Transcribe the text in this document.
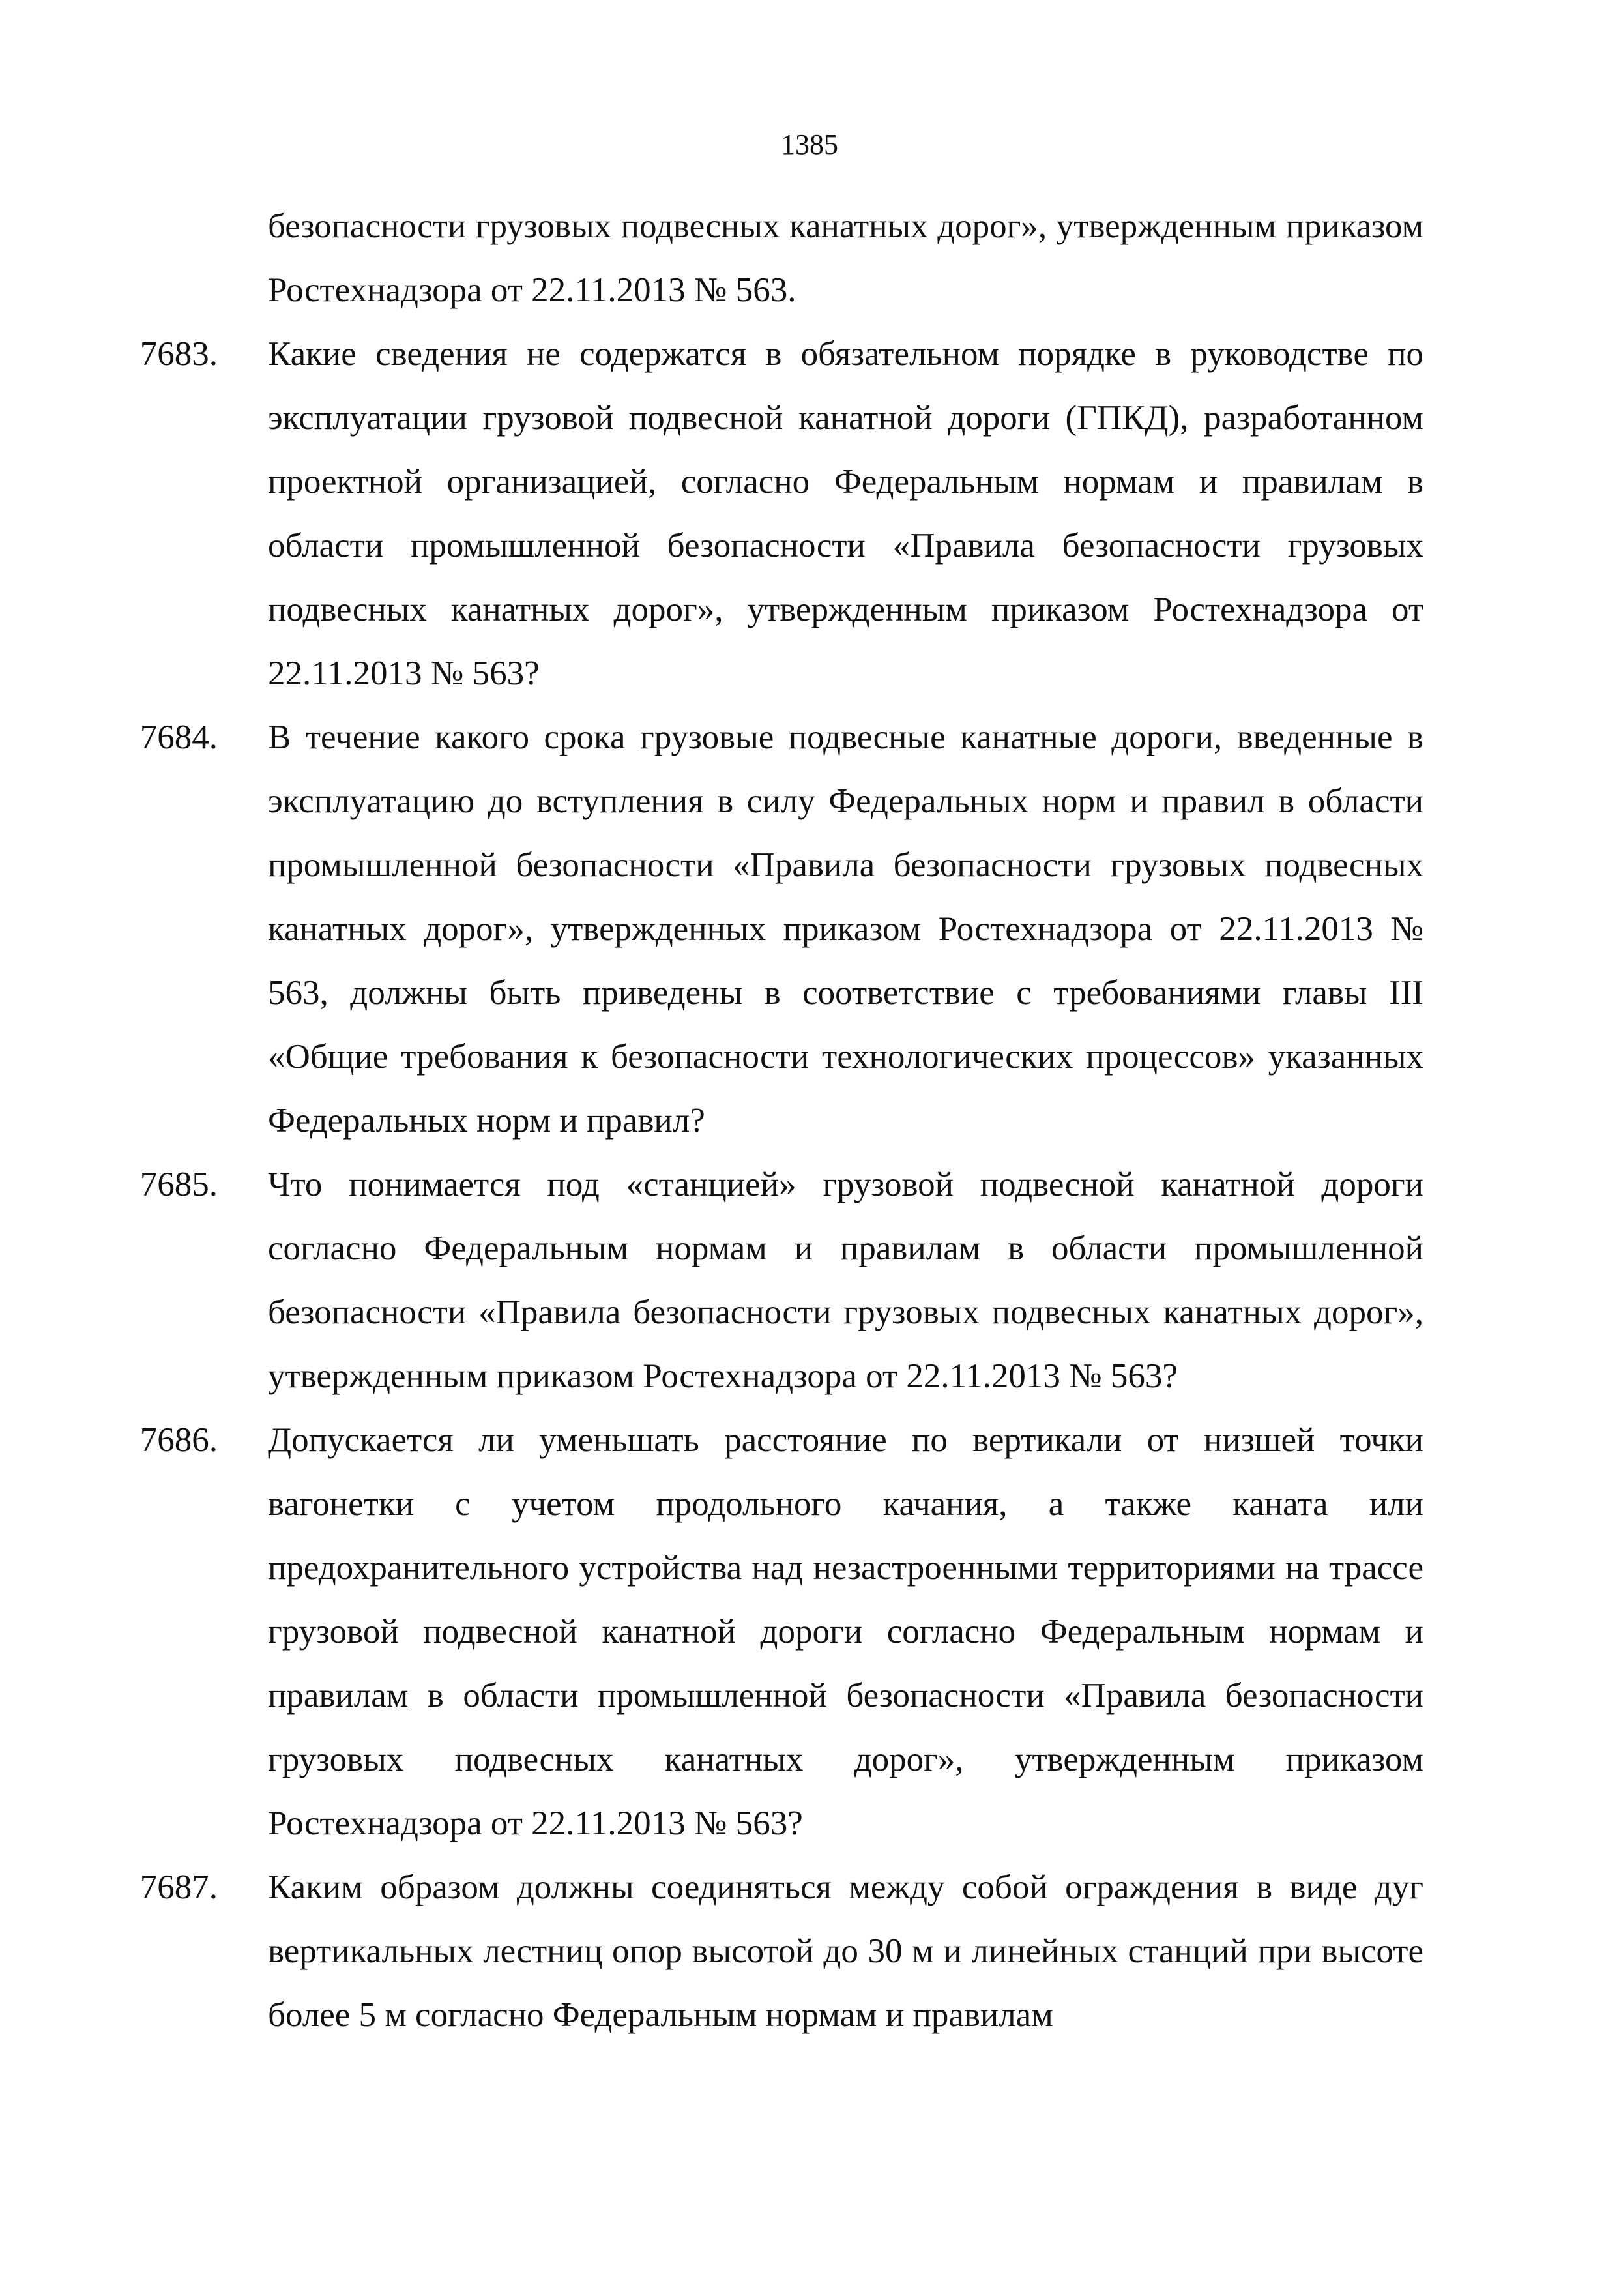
1385
безопасности грузовых подвесных канатных дорог», утвержденным приказом Ростехнадзора от 22.11.2013 № 563.
7683 . Какие сведения не содержатся в обязательном порядке в руководстве по эксплуатации грузовой подвесной канатной дороги (ГПКД), разработанном проектной организацией, согласно Федеральным нормам и правилам в области промышленной безопасности «Правила безопасности грузовых подвесных канатных дорог», утвержденным приказом Ростехнадзора от 22.11.2013 № 563?
7684 . В течение какого срока грузовые подвесные канатные дороги, введенные в эксплуатацию до вступления в силу Федеральных норм и правил в области промышленной безопасности «Правила безопасности грузовых подвесных канатных дорог», утвержденных приказом Ростехнадзора от 22.11.2013 № 563, должны быть приведены в соответствие с требованиями главы III «Общие требования к безопасности технологических процессов» указанных Федеральных норм и правил?
7685 . Что понимается под «станцией» грузовой подвесной канатной дороги согласно Федеральным нормам и правилам в области промышленной безопасности «Правила безопасности грузовых подвесных канатных дорог», утвержденным приказом Ростехнадзора от 22.11.2013 № 563?
7686 . Допускается ли уменьшать расстояние по вертикали от низшей точки вагонетки с учетом продольного качания, а также каната или предохранительного устройства над незастроенными территориями на трассе грузовой подвесной канатной дороги согласно Федеральным нормам и правилам в области промышленной безопасности «Правила безопасности грузовых подвесных канатных дорог», утвержденным приказом Ростехнадзора от 22.11.2013 № 563?
7687 . Каким образом должны соединяться между собой ограждения в виде дуг вертикальных лестниц опор высотой до 30 м и линейных станций при высоте более 5 м согласно Федеральным нормам и правилам
